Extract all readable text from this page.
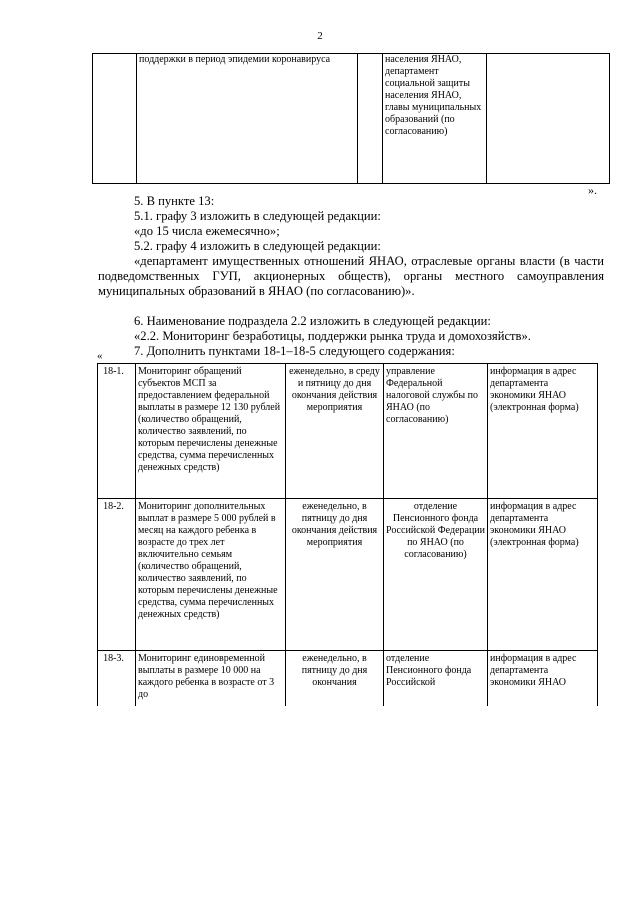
2
	поддержки в период эпидемии коронавируса		населения ЯНАО, департамент социальной защиты населения ЯНАО, главы муниципальных образований (по согласованию)	
».
5. В пункте 13:
5.1. графу 3 изложить в следующей редакции:
«до 15 числа ежемесячно»;
5.2. графу 4 изложить в следующей редакции:
«департамент имущественных отношений ЯНАО, отраслевые органы власти (в части подведомственных ГУП, акционерных обществ), органы местного самоуправления муниципальных образований в ЯНАО (по согласованию)».
6. Наименование подраздела 2.2 изложить в следующей редакции:
«2.2. Мониторинг безработицы, поддержки рынка труда и домохозяйств».
7. Дополнить пунктами 18-1–18-5 следующего содержания:
«
18-1.	Мониторинг обращений субъектов МСП за предоставлением федеральной выплаты в размере 12 130 рублей (количество обращений, количество заявлений, по которым перечислены денежные средства, сумма перечисленных денежных средств)	еженедельно, в среду и пятницу до дня окончания действия мероприятия	управление Федеральной налоговой службы по ЯНАО (по согласованию)	информация в адрес департамента экономики ЯНАО (электронная форма)
18-2.	Мониторинг дополнительных выплат в размере 5 000 рублей в месяц на каждого ребенка в возрасте до трех лет включительно семьям (количество обращений, количество заявлений, по которым перечислены денежные средства, сумма перечисленных денежных средств)	еженедельно, в пятницу до дня окончания действия мероприятия	отделение Пенсионного фонда Российской Федерации по ЯНАО (по согласованию)	информация в адрес департамента экономики ЯНАО (электронная форма)
18-3.	Мониторинг единовременной выплаты в размере 10 000 на каждого ребенка в возрасте от 3 до	еженедельно, в пятницу до дня окончания	отделение Пенсионного фонда Российской	информация в адрес департамента экономики ЯНАО
